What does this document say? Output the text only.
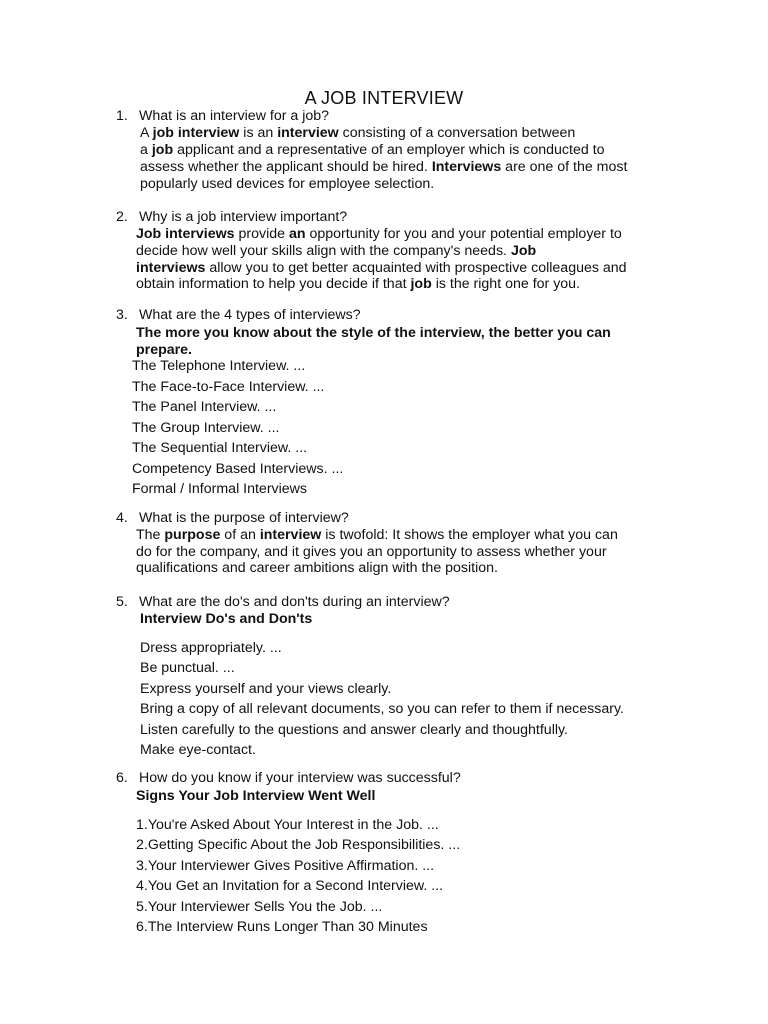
A JOB INTERVIEW
1. What is an interview for a job?
A job interview is an interview consisting of a conversation between
a job applicant and a representative of an employer which is conducted to
assess whether the applicant should be hired. Interviews are one of the most
popularly used devices for employee selection.
2. Why is a job interview important?
Job interviews provide an opportunity for you and your potential employer to
decide how well your skills align with the company's needs. Job
interviews allow you to get better acquainted with prospective colleagues and
obtain information to help you decide if that job is the right one for you.
3. What are the 4 types of interviews?
The more you know about the style of the interview, the better you can
prepare.
The Telephone Interview. ...
The Face-to-Face Interview. ...
The Panel Interview. ...
The Group Interview. ...
The Sequential Interview. ...
Competency Based Interviews. ...
Formal / Informal Interviews
4. What is the purpose of interview?
The purpose of an interview is twofold: It shows the employer what you can
do for the company, and it gives you an opportunity to assess whether your
qualifications and career ambitions align with the position.
5. What are the do's and don'ts during an interview?
Interview Do's and Don'ts
Dress appropriately. ...
Be punctual. ...
Express yourself and your views clearly.
Bring a copy of all relevant documents, so you can refer to them if necessary.
Listen carefully to the questions and answer clearly and thoughtfully.
Make eye-contact.
6. How do you know if your interview was successful?
Signs Your Job Interview Went Well
1.You're Asked About Your Interest in the Job. ...
2.Getting Specific About the Job Responsibilities. ...
3.Your Interviewer Gives Positive Affirmation. ...
4.You Get an Invitation for a Second Interview. ...
5.Your Interviewer Sells You the Job. ...
6.The Interview Runs Longer Than 30 Minutes
